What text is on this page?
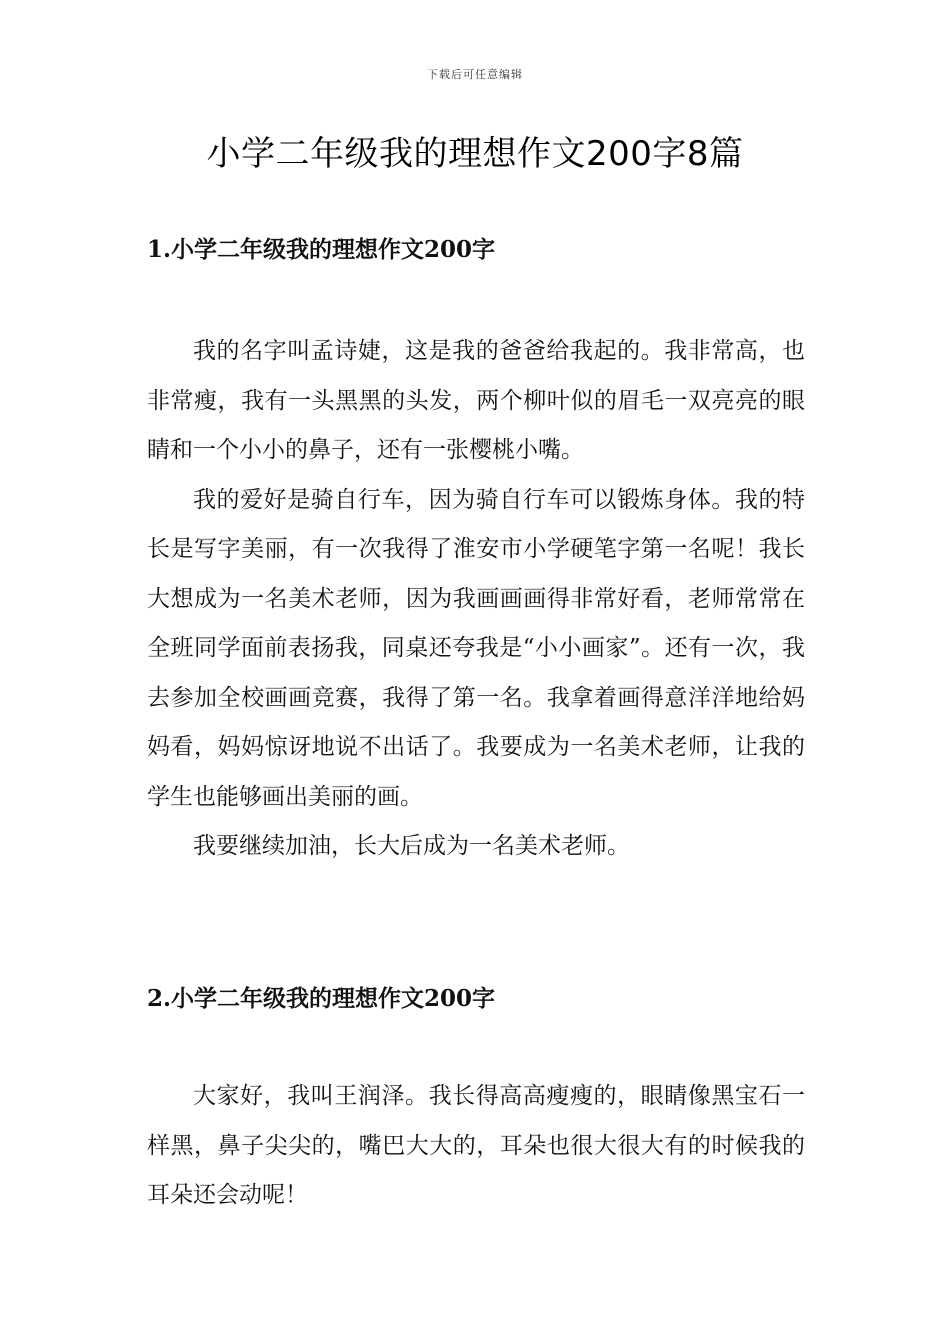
下载后可任意编辑
小学二年级我的理想作文200字8篇
1.小学二年级我的理想作文200字

我的名字叫孟诗婕，这是我的爸爸给我起的。我非常高，也非常瘦，我有一头黑黑的头发，两个柳叶似的眉毛一双亮亮的眼睛和一个小小的鼻子，还有一张樱桃小嘴。

我的爱好是骑自行车，因为骑自行车可以锻炼身体。我的特长是写字美丽，有一次我得了淮安市小学硬笔字第一名呢！我长大想成为一名美术老师，因为我画画画得非常好看，老师常常在全班同学面前表扬我，同桌还夸我是“小小画家”。还有一次，我去参加全校画画竞赛，我得了第一名。我拿着画得意洋洋地给妈妈看，妈妈惊讶地说不出话了。我要成为一名美术老师，让我的学生也能够画出美丽的画。

我要继续加油，长大后成为一名美术老师。

2.小学二年级我的理想作文200字

大家好，我叫王润泽。我长得高高瘦瘦的，眼睛像黑宝石一样黑，鼻子尖尖的，嘴巴大大的，耳朵也很大很大有的时候我的耳朵还会动呢！
